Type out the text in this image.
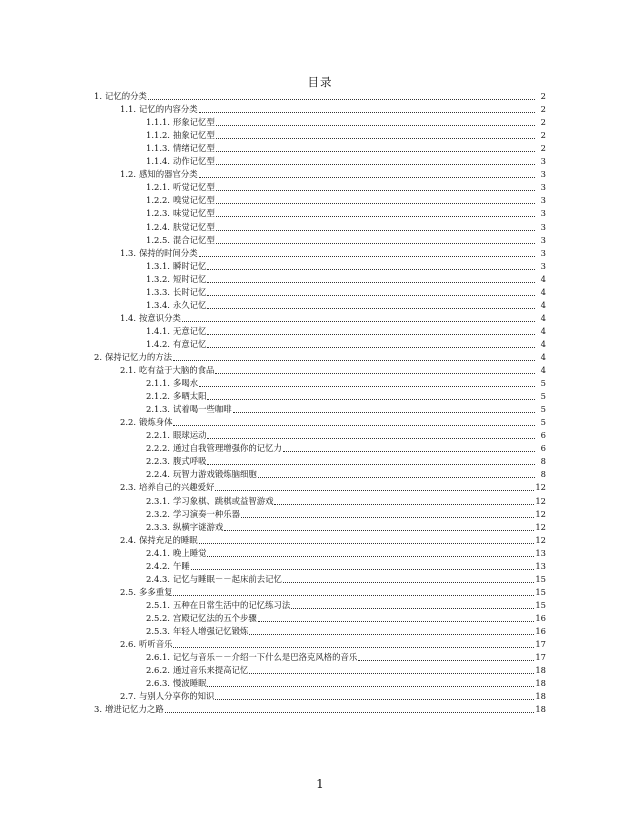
目录
1. 记忆的分类	2
1.1. 记忆的内容分类	2
1.1.1. 形象记忆型	2
1.1.2. 抽象记忆型	2
1.1.3. 情绪记忆型	2
1.1.4. 动作记忆型	3
1.2. 感知的器官分类	3
1.2.1. 听觉记忆型	3
1.2.2. 嗅觉记忆型	3
1.2.3. 味觉记忆型	3
1.2.4. 肤觉记忆型	3
1.2.5. 混合记忆型	3
1.3. 保持的时间分类	3
1.3.1. 瞬时记忆	3
1.3.2. 短时记忆	4
1.3.3. 长时记忆	4
1.3.4. 永久记忆	4
1.4. 按意识分类	4
1.4.1. 无意记忆	4
1.4.2. 有意记忆	4
2. 保持记忆力的方法	4
2.1. 吃有益于大脑的食品	4
2.1.1. 多喝水	5
2.1.2. 多晒太阳	5
2.1.3. 试着喝一些咖啡	5
2.2. 锻炼身体	5
2.2.1. 眼球运动	6
2.2.2. 通过自我管理增强你的记忆力	6
2.2.3. 腹式呼吸	8
2.2.4. 玩智力游戏锻炼脑细胞	8
2.3. 培养自己的兴趣爱好	12
2.3.1. 学习象棋、跳棋或益智游戏	12
2.3.2. 学习演奏一种乐器	12
2.3.3. 纵横字谜游戏	12
2.4. 保持充足的睡眠	12
2.4.1. 晚上睡觉	13
2.4.2. 午睡	13
2.4.3. 记忆与睡眠－－起床前去记忆	15
2.5. 多多重复	15
2.5.1. 五种在日常生活中的记忆练习法	15
2.5.2. 宫殿记忆法的五个步骤	16
2.5.3. 年轻人增强记忆锻炼	16
2.6. 听听音乐	17
2.6.1. 记忆与音乐－－介绍一下什么是巴洛克风格的音乐	17
2.6.2. 通过音乐来提高记忆	18
2.6.3. 慢波睡眠	18
2.7. 与别人分享你的知识	18
3. 增进记忆力之路	18
1
